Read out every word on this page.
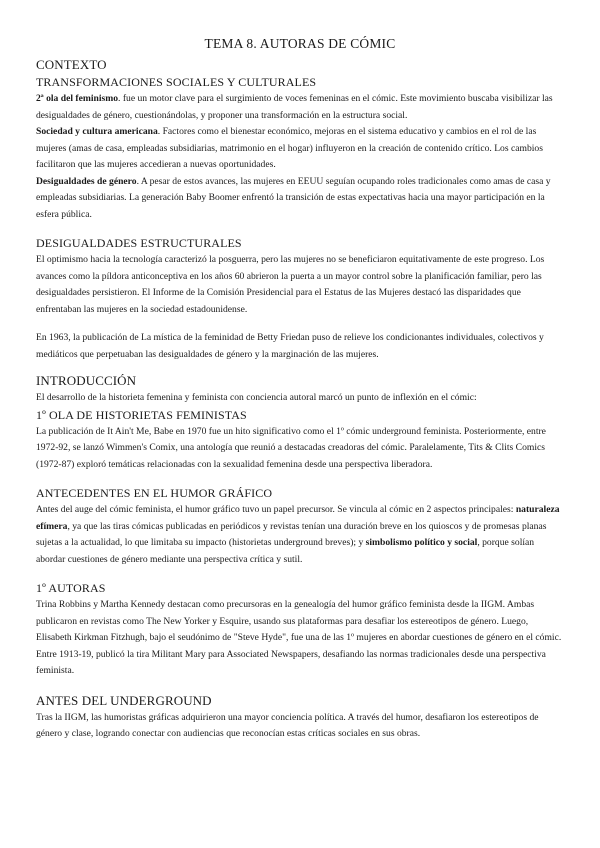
TEMA 8. AUTORAS DE CÓMIC
CONTEXTO
TRANSFORMACIONES SOCIALES Y CULTURALES

2ª ola del feminismo. fue un motor clave para el surgimiento de voces femeninas en el cómic. Este movimiento buscaba visibilizar las desigualdades de género, cuestionándolas, y proponer una transformación en la estructura social.

Sociedad y cultura americana. Factores como el bienestar económico, mejoras en el sistema educativo y cambios en el rol de las mujeres (amas de casa, empleadas subsidiarias, matrimonio en el hogar) influyeron en la creación de contenido crítico. Los cambios facilitaron que las mujeres accedieran a nuevas oportunidades.

Desigualdades de género. A pesar de estos avances, las mujeres en EEUU seguían ocupando roles tradicionales como amas de casa y empleadas subsidiarias. La generación Baby Boomer enfrentó la transición de estas expectativas hacia una mayor participación en la esfera pública.

DESIGUALDADES ESTRUCTURALES

El optimismo hacia la tecnología caracterizó la posguerra, pero las mujeres no se beneficiaron equitativamente de este progreso. Los avances como la píldora anticonceptiva en los años 60 abrieron la puerta a un mayor control sobre la planificación familiar, pero las desigualdades persistieron. El Informe de la Comisión Presidencial para el Estatus de las Mujeres destacó las disparidades que enfrentaban las mujeres en la sociedad estadounidense.

En 1963, la publicación de La mística de la feminidad de Betty Friedan puso de relieve los condicionantes individuales, colectivos y mediáticos que perpetuaban las desigualdades de género y la marginación de las mujeres.

INTRODUCCIÓN

El desarrollo de la historieta femenina y feminista con conciencia autoral marcó un punto de inflexión en el cómic:

1º OLA DE HISTORIETAS FEMINISTAS

La publicación de It Ain't Me, Babe en 1970 fue un hito significativo como el 1º cómic underground feminista. Posteriormente, entre 1972-92, se lanzó Wimmen's Comix, una antología que reunió a destacadas creadoras del cómic. Paralelamente, Tits & Clits Comics (1972-87) exploró temáticas relacionadas con la sexualidad femenina desde una perspectiva liberadora.

ANTECEDENTES EN EL HUMOR GRÁFICO

Antes del auge del cómic feminista, el humor gráfico tuvo un papel precursor. Se vincula al cómic en 2 aspectos principales: naturaleza efímera, ya que las tiras cómicas publicadas en periódicos y revistas tenían una duración breve en los quioscos y de promesas planas sujetas a la actualidad, lo que limitaba su impacto (historietas underground breves); y simbolismo político y social, porque solían abordar cuestiones de género mediante una perspectiva crítica y sutil.

1º AUTORAS

Trina Robbins y Martha Kennedy destacan como precursoras en la genealogía del humor gráfico feminista desde la IIGM. Ambas publicaron en revistas como The New Yorker y Esquire, usando sus plataformas para desafiar los estereotipos de género. Luego, Elisabeth Kirkman Fitzhugh, bajo el seudónimo de "Steve Hyde", fue una de las 1º mujeres en abordar cuestiones de género en el cómic. Entre 1913-19, publicó la tira Militant Mary para Associated Newspapers, desafiando las normas tradicionales desde una perspectiva feminista.

ANTES DEL UNDERGROUND

Tras la IIGM, las humoristas gráficas adquirieron una mayor conciencia política. A través del humor, desafiaron los estereotipos de género y clase, logrando conectar con audiencias que reconocían estas críticas sociales en sus obras.
